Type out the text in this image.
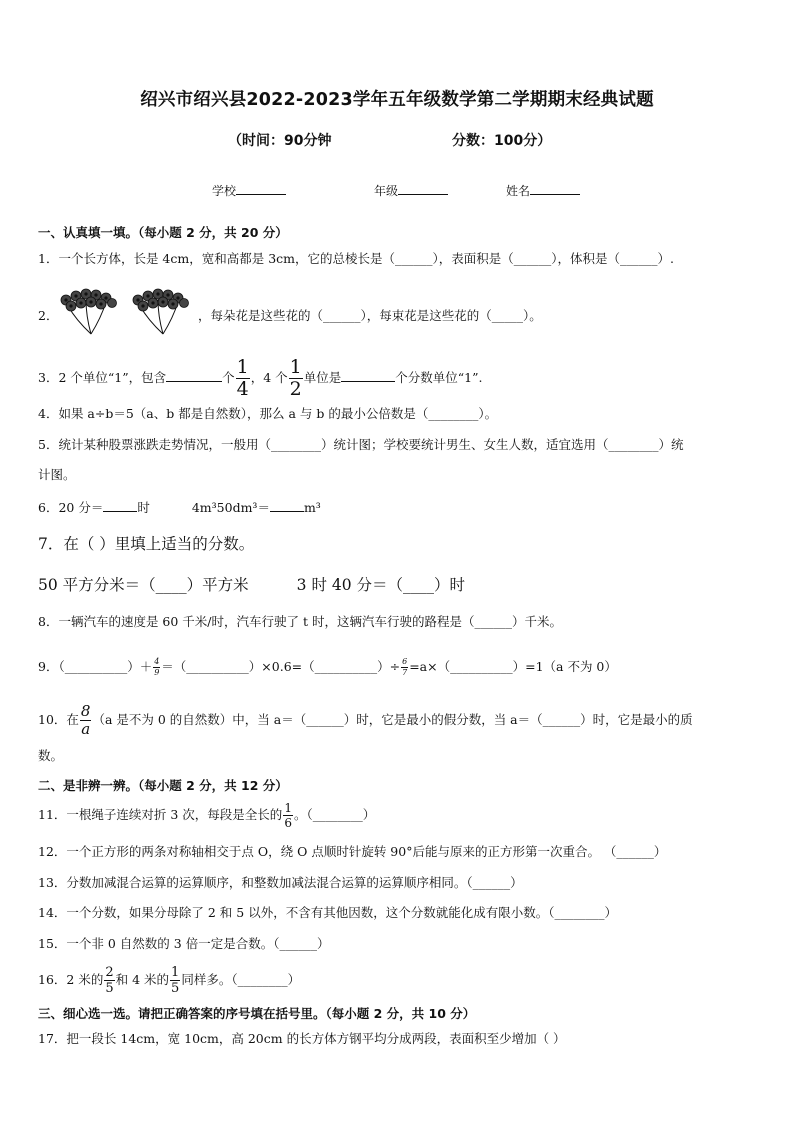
绍兴市绍兴县2022-2023学年五年级数学第二学期期末经典试题
（时间：90分钟	分数：100分）
学校	年级	姓名
一、认真填一填。（每小题 2 分，共 20 分）
1．一个长方体，长是 4cm，宽和高都是 3cm，它的总棱长是（______），表面积是（______），体积是（______）.
2．	，每朵花是这些花的（______），每束花是这些花的（_____）。
3．2 个单位“1”，包含	个 $\frac{1}{4}$ ，4 个 $\frac{1}{2}$ 单位是	个分数单位“1”.
4．如果 a÷b＝5（a、b 都是自然数），那么 a 与 b 的最小公倍数是（________）。
5．统计某种股票涨跌走势情况，一般用（________）统计图；学校要统计男生、女生人数，适宜选用（________）统
计图。
6．20 分＝	时	4m³50dm³＝	m³
7．在（ ）里填上适当的分数。
50 平方分米＝（____）平方米	3 时 40 分＝（____）时
8．一辆汽车的速度是 60 千米/时，汽车行驶了 t 时，这辆汽车行驶的路程是（______）千米。
9．（__________）＋ $\frac{4}{9}$ ＝（__________）×0.6=（__________）÷ $\frac{6}{7}$ =a×（__________）=1（a 不为 0）
10．在 $\frac{8}{a} (a$ 是不为 0 的自然数）中，当 a＝（______）时，它是最小的假分数，当 a＝（______）时，它是最小的质
数。
二、是非辨一辨。（每小题 2 分，共 12 分）
11．一根绳子连续对折 3 次，每段是全长的 $\frac{1}{6}$ 。（________）
12．一个正方形的两条对称轴相交于点 O，绕 O 点顺时针旋转 90°后能与原来的正方形第一次重合。 （______）
13．分数加减混合运算的运算顺序，和整数加减法混合运算的运算顺序相同。（______）
14．一个分数，如果分母除了 2 和 5 以外，不含有其他因数，这个分数就能化成有限小数。（________）
15．一个非 0 自然数的 3 倍一定是合数。（______）
16．2 米的 $\frac{2}{5}$ 和 4 米的 $\frac{1}{5}$ 同样多。（________）
三、细心选一选。请把正确答案的序号填在括号里。（每小题 2 分，共 10 分）
17．把一段长 14cm，宽 10cm，高 20cm 的长方体方钢平均分成两段，表面积至少增加（ ）
